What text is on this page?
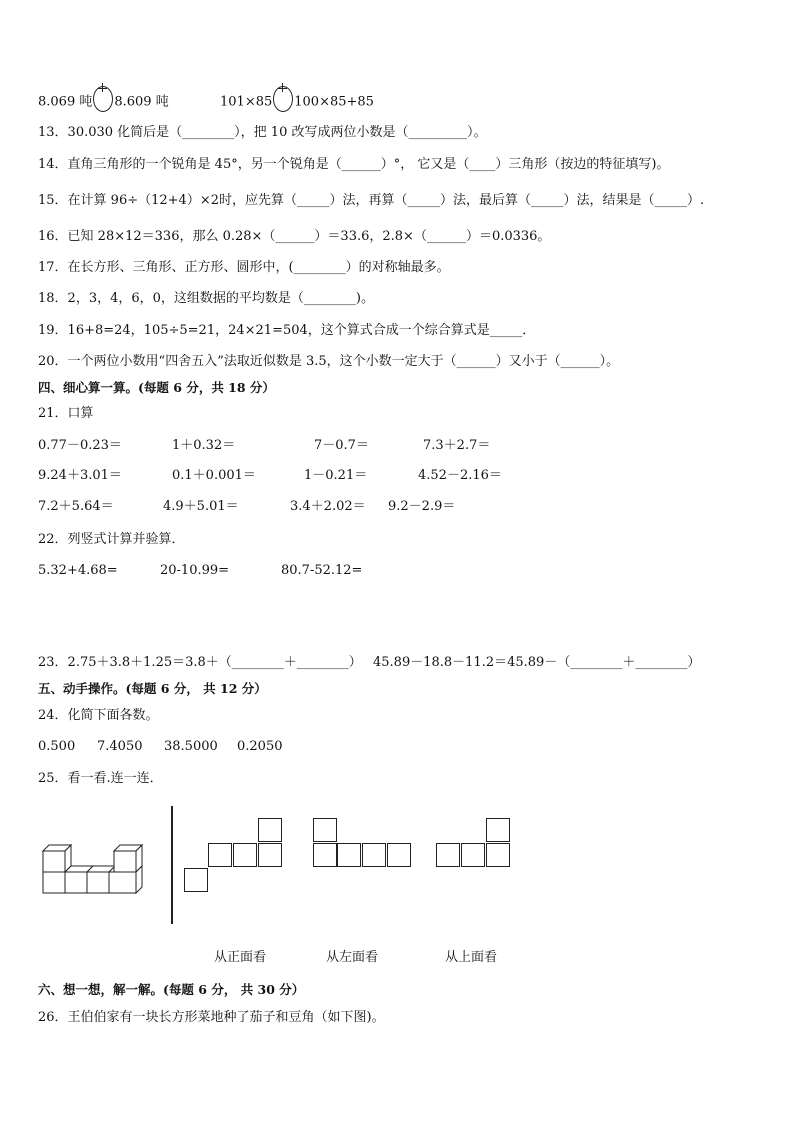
8.069 吨 8.609 吨	101×85 100×85+85
13．30.030 化简后是（________），把 10 改写成两位小数是（_________）。
14．直角三角形的一个锐角是 45°，另一个锐角是（______）°， 它又是（____）三角形（按边的特征填写)。
15．在计算 96÷（12+4）×2时，应先算（_____）法，再算（_____）法，最后算（_____）法，结果是（_____）.
16．已知 28×12＝336，那么 0.28×（______）＝33.6，2.8×（______）＝0.0336。
17．在长方形、三角形、正方形、圆形中，(________）的对称轴最多。
18．2，3，4，6，0，这组数据的平均数是（________)。
19．16+8=24，105÷5=21，24×21=504，这个算式合成一个综合算式是_____．
20．一个两位小数用“四舍五入”法取近似数是 3.5，这个小数一定大于（______）又小于（______）。
四、细心算一算。(每题 6 分，共 18 分）
21．口算
0.77－0.23＝	1＋0.32＝	7－0.7＝	7.3＋2.7＝
9.24＋3.01＝	0.1＋0.001＝	1－0.21＝	4.52－2.16＝
7.2＋5.64＝	4.9＋5.01＝	3.4＋2.02＝ 9.2－2.9＝
22．列竖式计算并验算．
5.32+4.68=	20-10.99=	80.7-52.12=
23．2.75＋3.8＋1.25＝3.8＋（________＋________） 45.89－18.8－11.2＝45.89－（________＋________）
五、动手操作。(每题 6 分， 共 12 分）
24．化简下面各数。
0.500 7.4050 38.5000 0.2050
25．看一看.连一连．
从正面看	从左面看	从上面看
六、想一想，解一解。(每题 6 分， 共 30 分）
26．王伯伯家有一块长方形菜地种了茄子和豆角（如下图)。
